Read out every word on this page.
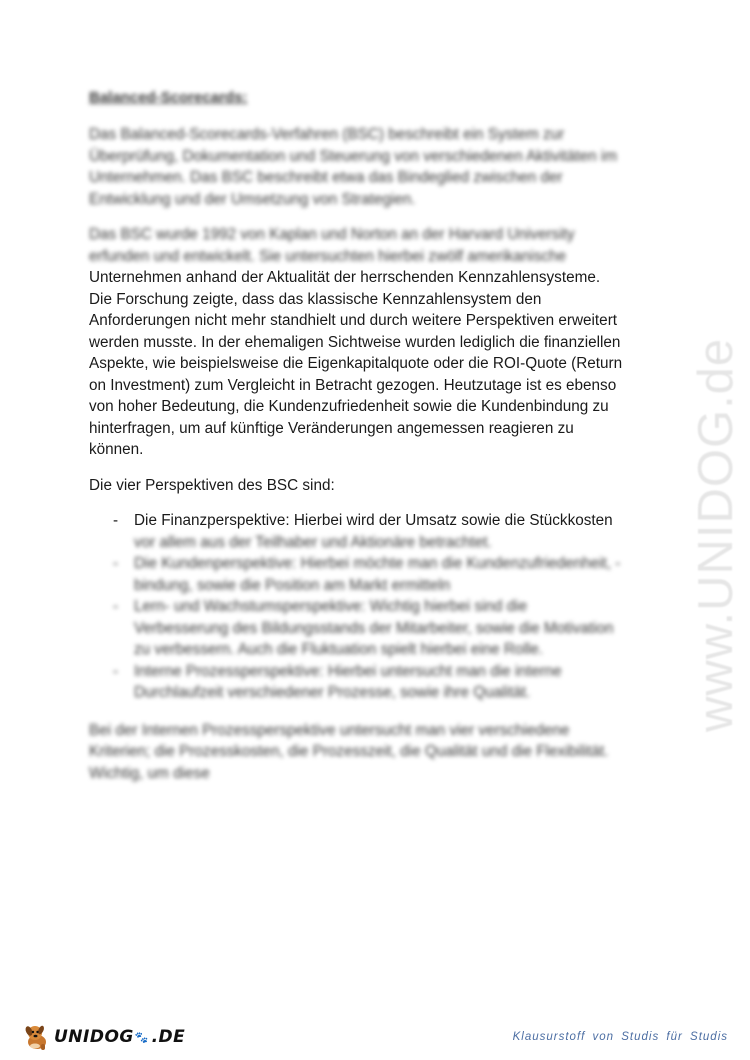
www.UNIDOG.de
Balanced-Scorecards:
Das Balanced-Scorecards-Verfahren (BSC) beschreibt ein System zur
Überprüfung, Dokumentation und Steuerung von verschiedenen Aktivitäten im
Unternehmen. Das BSC beschreibt etwa das Bindeglied zwischen der
Entwicklung und der Umsetzung von Strategien.
Das BSC wurde 1992 von Kaplan und Norton an der Harvard University
erfunden und entwickelt. Sie untersuchten hierbei zwölf amerikanische
Unternehmen anhand der Aktualität der herrschenden Kennzahlensysteme.
Die Forschung zeigte, dass das klassische Kennzahlensystem den
Anforderungen nicht mehr standhielt und durch weitere Perspektiven erweitert
werden musste. In der ehemaligen Sichtweise wurden lediglich die finanziellen
Aspekte, wie beispielsweise die Eigenkapitalquote oder die ROI-Quote (Return
on Investment) zum Vergleicht in Betracht gezogen. Heutzutage ist es ebenso
von hoher Bedeutung, die Kundenzufriedenheit sowie die Kundenbindung zu
hinterfragen, um auf künftige Veränderungen angemessen reagieren zu
können.
Die vier Perspektiven des BSC sind:
- Die Finanzperspektive: Hierbei wird der Umsatz sowie die Stückkosten
vor allem aus der Teilhaber und Aktionäre betrachtet.
- Die Kundenperspektive: Hierbei möchte man die Kundenzufriedenheit, -
bindung, sowie die Position am Markt ermitteln
- Lern- und Wachstumsperspektive: Wichtig hierbei sind die
Verbesserung des Bildungsstands der Mitarbeiter, sowie die Motivation
zu verbessern. Auch die Fluktuation spielt hierbei eine Rolle.
- Interne Prozessperspektive: Hierbei untersucht man die interne
Durchlaufzeit verschiedener Prozesse, sowie ihre Qualität.
Bei der Internen Prozessperspektive untersucht man vier verschiedene
Kriterien; die Prozesskosten, die Prozesszeit, die Qualität und die Flexibilität.
Wichtig, um diese
UNIDOG 🐾 .DE	Klausurstoff von Studis für Studis
